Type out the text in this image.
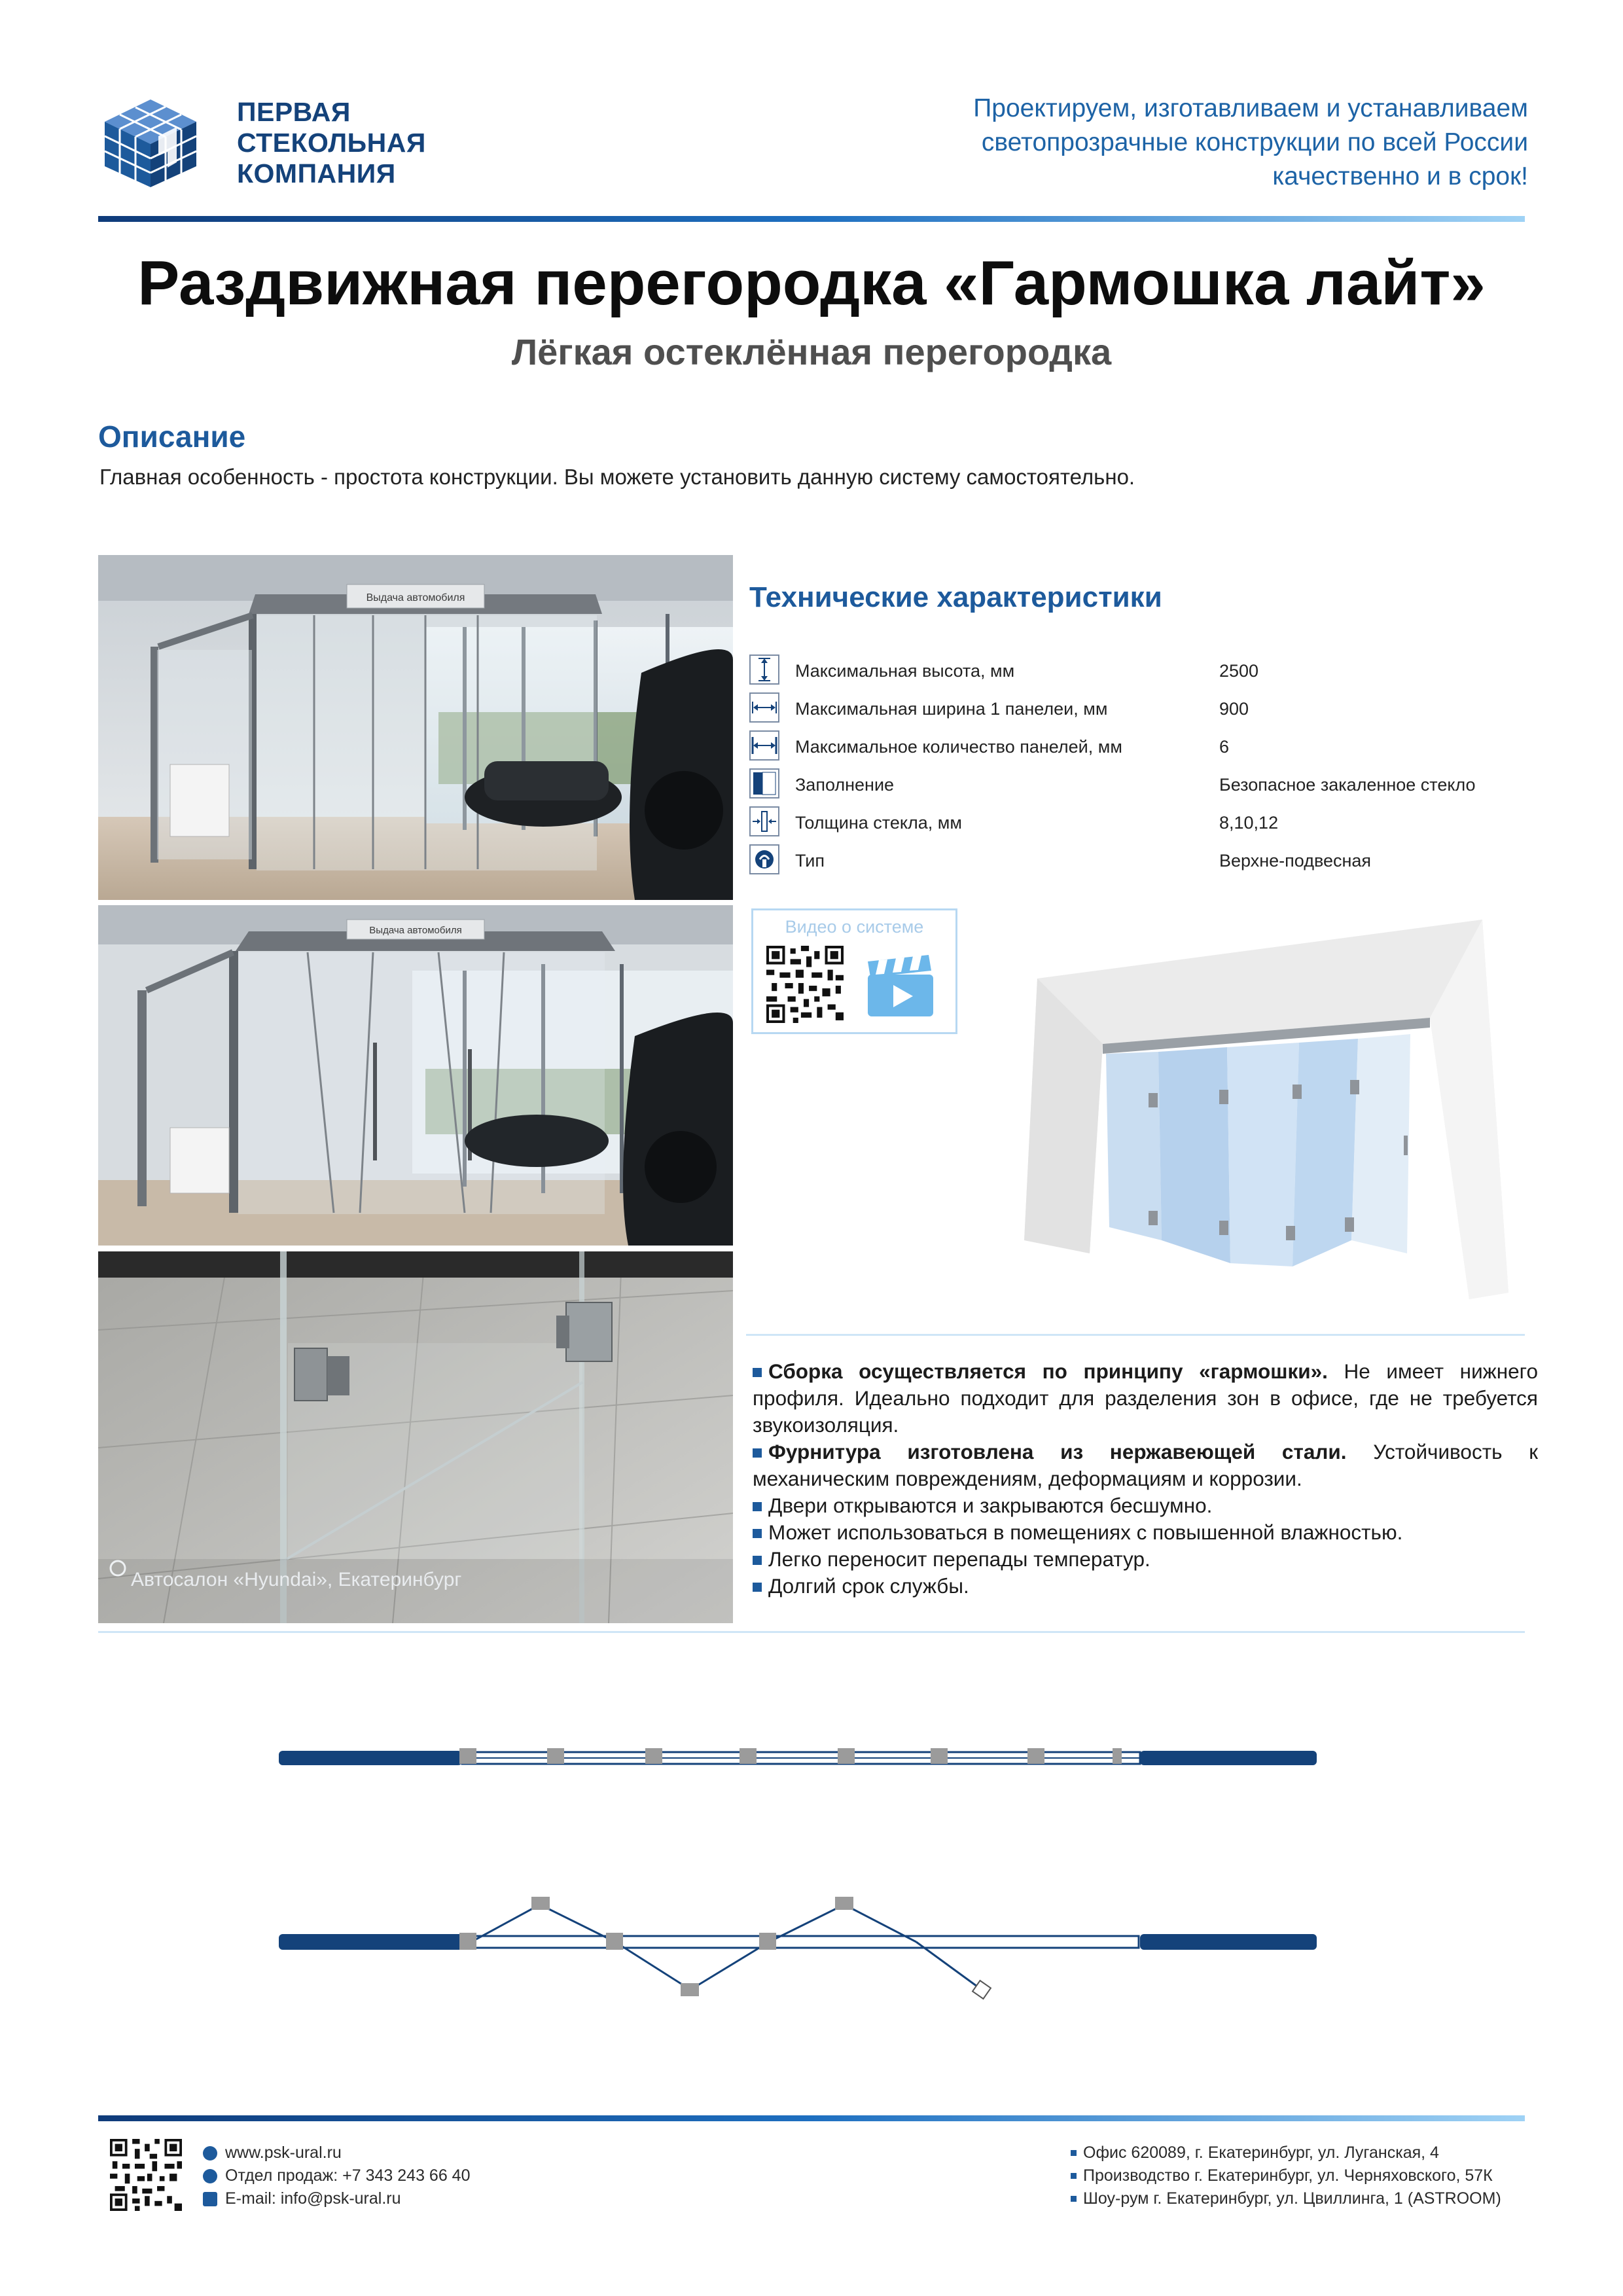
ПЕРВАЯ
СТЕКОЛЬНАЯ
КОМПАНИЯ
Проектируем, изготавливаем и устанавливаем
светопрозрачные конструкции по всей России
качественно и в срок!
Раздвижная перегородка «Гармошка лайт»
Лёгкая остеклённая перегородка
Описание
Главная особенность - простота конструкции. Вы можете установить данную систему самостоятельно.
Выдача автомобиля
Выдача автомобиля
Автосалон «Hyundai», Екатеринбург
Технические характеристики
Максимальная высота, мм	2500
Максимальная ширина 1 панелеи, мм	900
Максимальное количество панелей, мм	6
Заполнение	Безопасное закаленное стекло
Толщина стекла, мм	8,10,12
Тип	Верхне-подвесная
Видео о системе

Сборка осуществляется по принципу «гармошки». Не имеет нижнего профиля. Идеально подходит для разделения зон в офисе, где не требуется звукоизоляция.

Фурнитура изготовлена из нержавеющей стали. Устойчивость к механическим повреждениям, деформациям и коррозии.

Двери открываются и закрываются бесшумно.

Может использоваться в помещениях с повышенной влажностью.

Легко переносит перепады температур.

Долгий срок службы.

www.psk-ural.ru
Отдел продаж: +7 343 243 66 40
E-mail: info@psk-ural.ru
Офис 620089, г. Екатеринбург, ул. Луганская, 4
Производство г. Екатеринбург, ул. Черняховского, 57К
Шоу-рум г. Екатеринбург, ул. Цвиллинга, 1 (ASTROOM)
